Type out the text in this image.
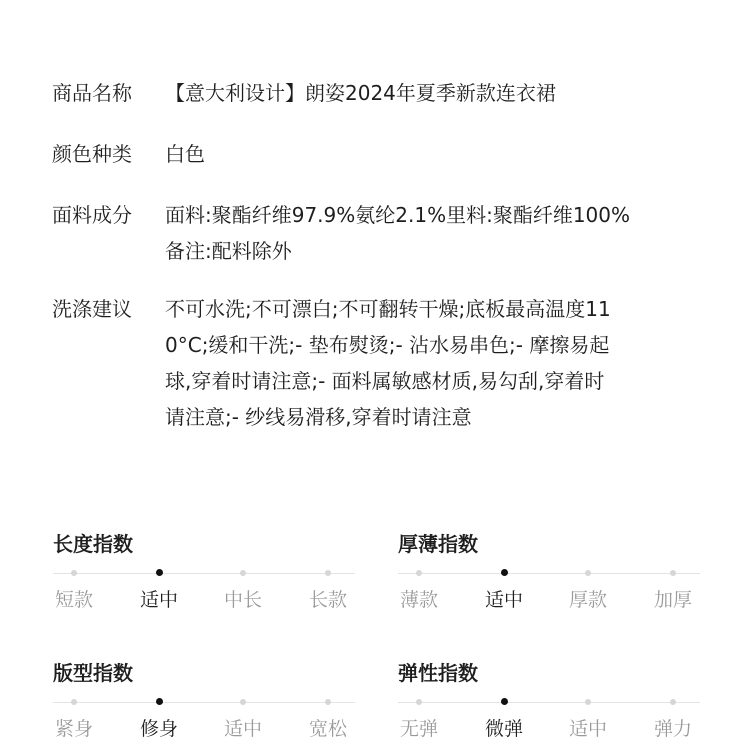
商品名称	【意大利设计】朗姿2024年夏季新款连衣裙
颜色种类	白色
面料成分	面料:聚酯纤维97.9%氨纶2.1%里料:聚酯纤维100%
备注:配料除外
洗涤建议	不可水洗;不可漂白;不可翻转干燥;底板最高温度11
0°C;缓和干洗;- 垫布熨烫;- 沾水易串色;- 摩擦易起
球,穿着时请注意;- 面料属敏感材质,易勾刮,穿着时
请注意;- 纱线易滑移,穿着时请注意
长度指数
短款	适中	中长	长款
厚薄指数
薄款	适中	厚款	加厚
版型指数
紧身	修身	适中	宽松
弹性指数
无弹	微弹	适中	弹力
